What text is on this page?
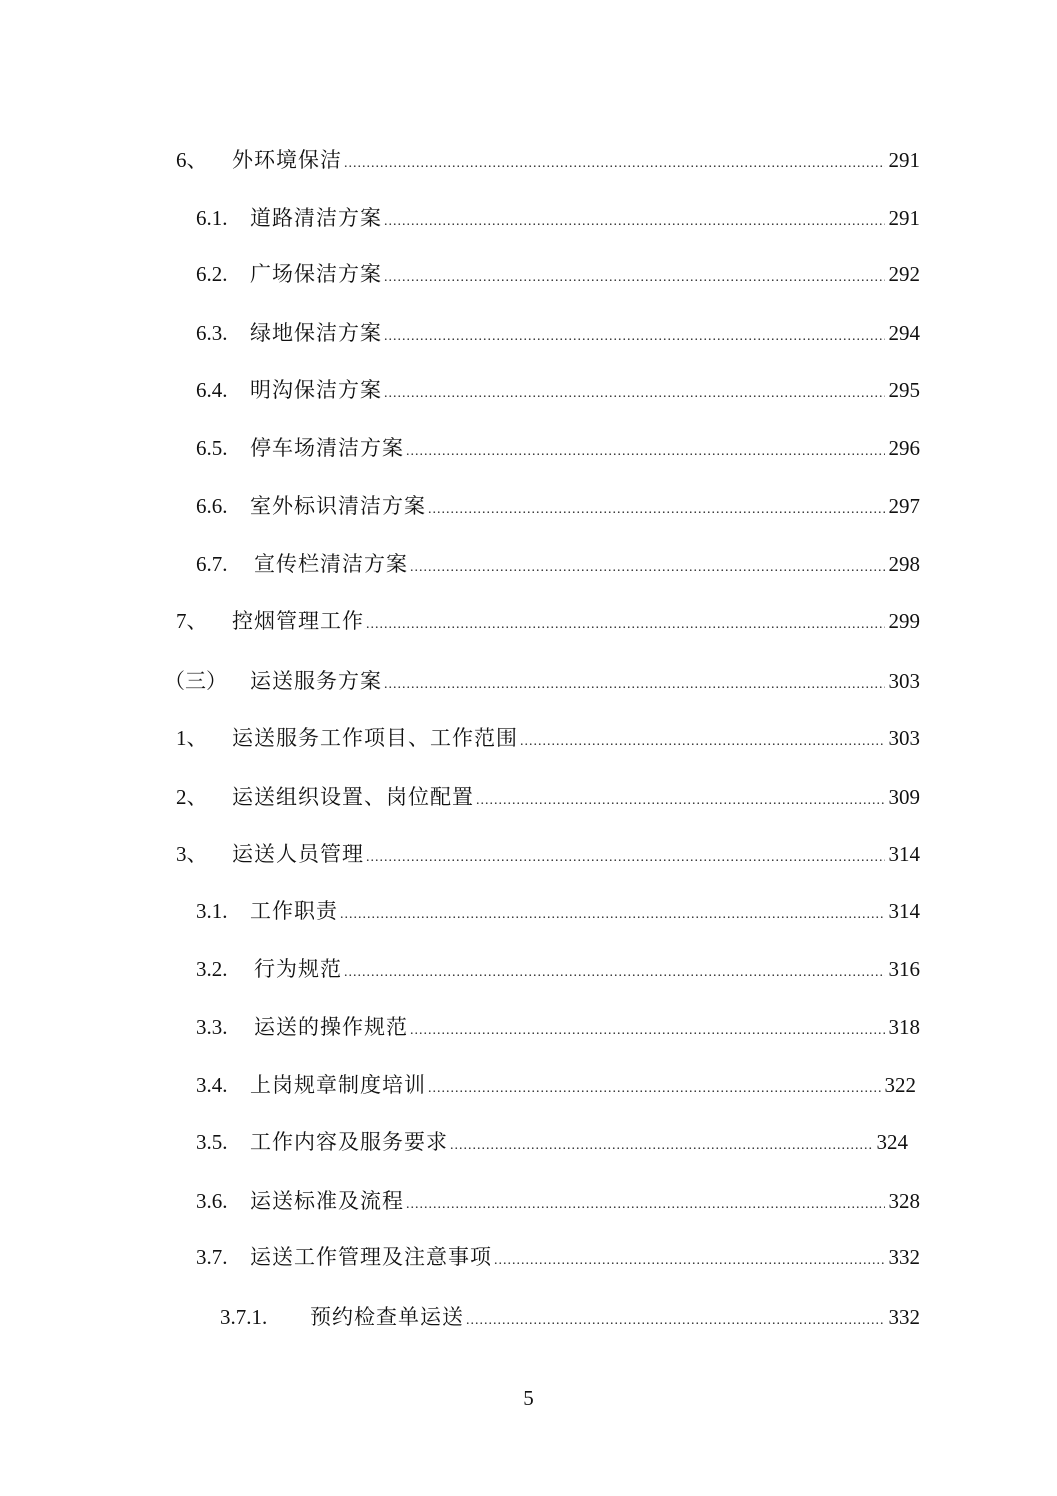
6、	外环境保洁 .....	291
6.1.	道路清洁方案 .....	291
6.2.	广场保洁方案 .....	292
6.3.	绿地保洁方案 .....	294
6.4.	明沟保洁方案 .....	295
6.5.	停车场清洁方案 .....	296
6.6.	室外标识清洁方案 .....	297
6.7.	宣传栏清洁方案 .....	298
7、	控烟管理工作 .....	299
（三）	运送服务方案 .....	303
1、	运送服务工作项目、工作范围 .....	303
2、	运送组织设置、岗位配置 .....	309
3、	运送人员管理 .....	314
3.1.	工作职责 .....	314
3.2.	行为规范 .....	316
3.3.	运送的操作规范 .....	318
3.4.	上岗规章制度培训 .....	322
3.5.	工作内容及服务要求 .....	324
3.6.	运送标准及流程 .....	328
3.7.	运送工作管理及注意事项 .....	332
3.7.1.	预约检查单运送 .....	332
5
